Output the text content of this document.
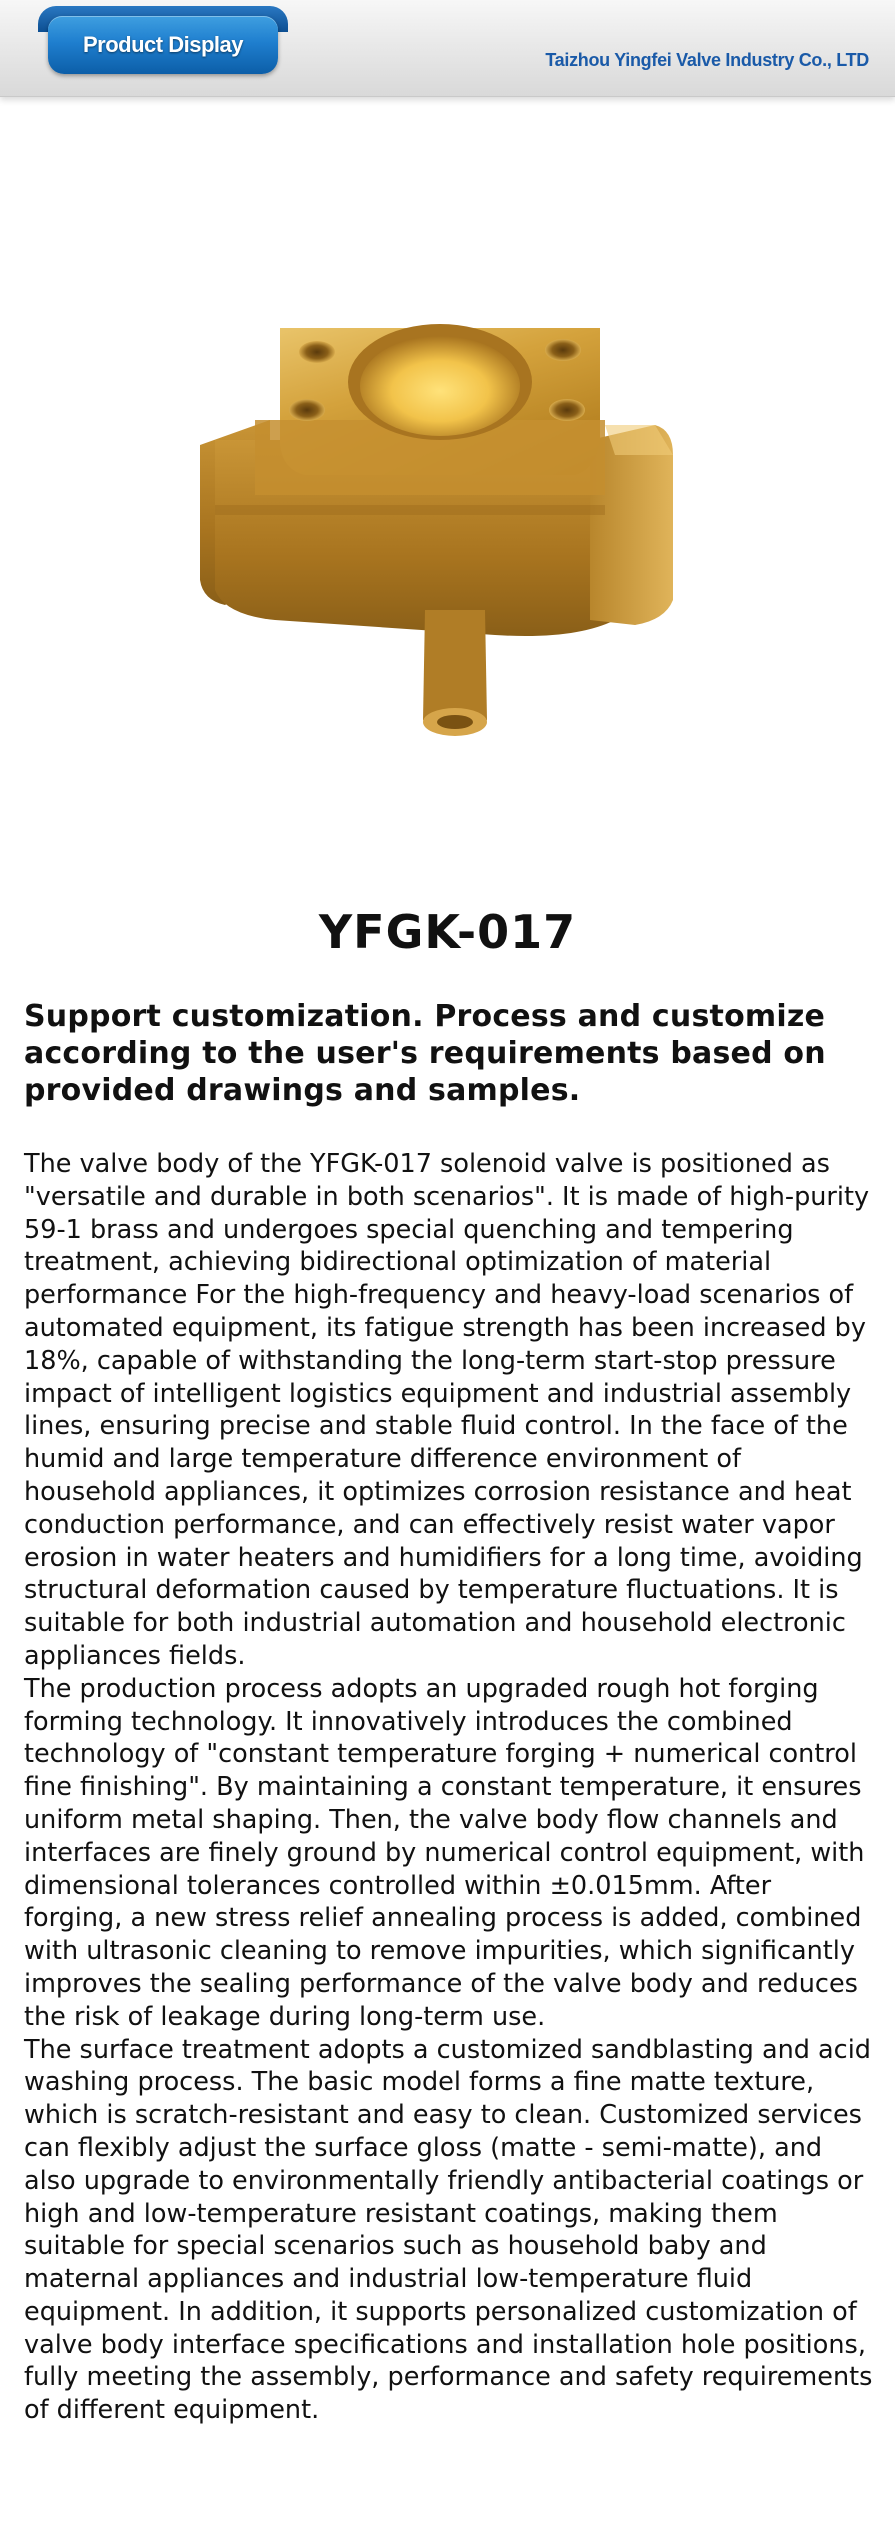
Product Display
Taizhou Yingfei Valve Industry Co., LTD
YFGK-017
Support customization. Process and customize according to the user's requirements based on provided drawings and samples.

The valve body of the YFGK-017 solenoid valve is positioned as "versatile and durable in both scenarios". It is made of high-purity 59-1 brass and undergoes special quenching and tempering treatment, achieving bidirectional optimization of material performance For the high-frequency and heavy-load scenarios of automated equipment, its fatigue strength has been increased by 18%, capable of withstanding the long-term start-stop pressure impact of intelligent logistics equipment and industrial assembly lines, ensuring precise and stable fluid control. In the face of the humid and large temperature difference environment of household appliances, it optimizes corrosion resistance and heat conduction performance, and can effectively resist water vapor erosion in water heaters and humidifiers for a long time, avoiding structural deformation caused by temperature fluctuations. It is suitable for both industrial automation and household electronic appliances fields.

The production process adopts an upgraded rough hot forging forming technology. It innovatively introduces the combined technology of "constant temperature forging + numerical control fine finishing". By maintaining a constant temperature, it ensures uniform metal shaping. Then, the valve body flow channels and interfaces are finely ground by numerical control equipment, with dimensional tolerances controlled within ±0.015mm. After forging, a new stress relief annealing process is added, combined with ultrasonic cleaning to remove impurities, which significantly improves the sealing performance of the valve body and reduces the risk of leakage during long-term use.

The surface treatment adopts a customized sandblasting and acid washing process. The basic model forms a fine matte texture, which is scratch-resistant and easy to clean. Customized services can flexibly adjust the surface gloss (matte - semi-matte), and also upgrade to environmentally friendly antibacterial coatings or high and low-temperature resistant coatings, making them suitable for special scenarios such as household baby and maternal appliances and industrial low-temperature fluid equipment. In addition, it supports personalized customization of valve body interface specifications and installation hole positions, fully meeting the assembly, performance and safety requirements of different equipment.
